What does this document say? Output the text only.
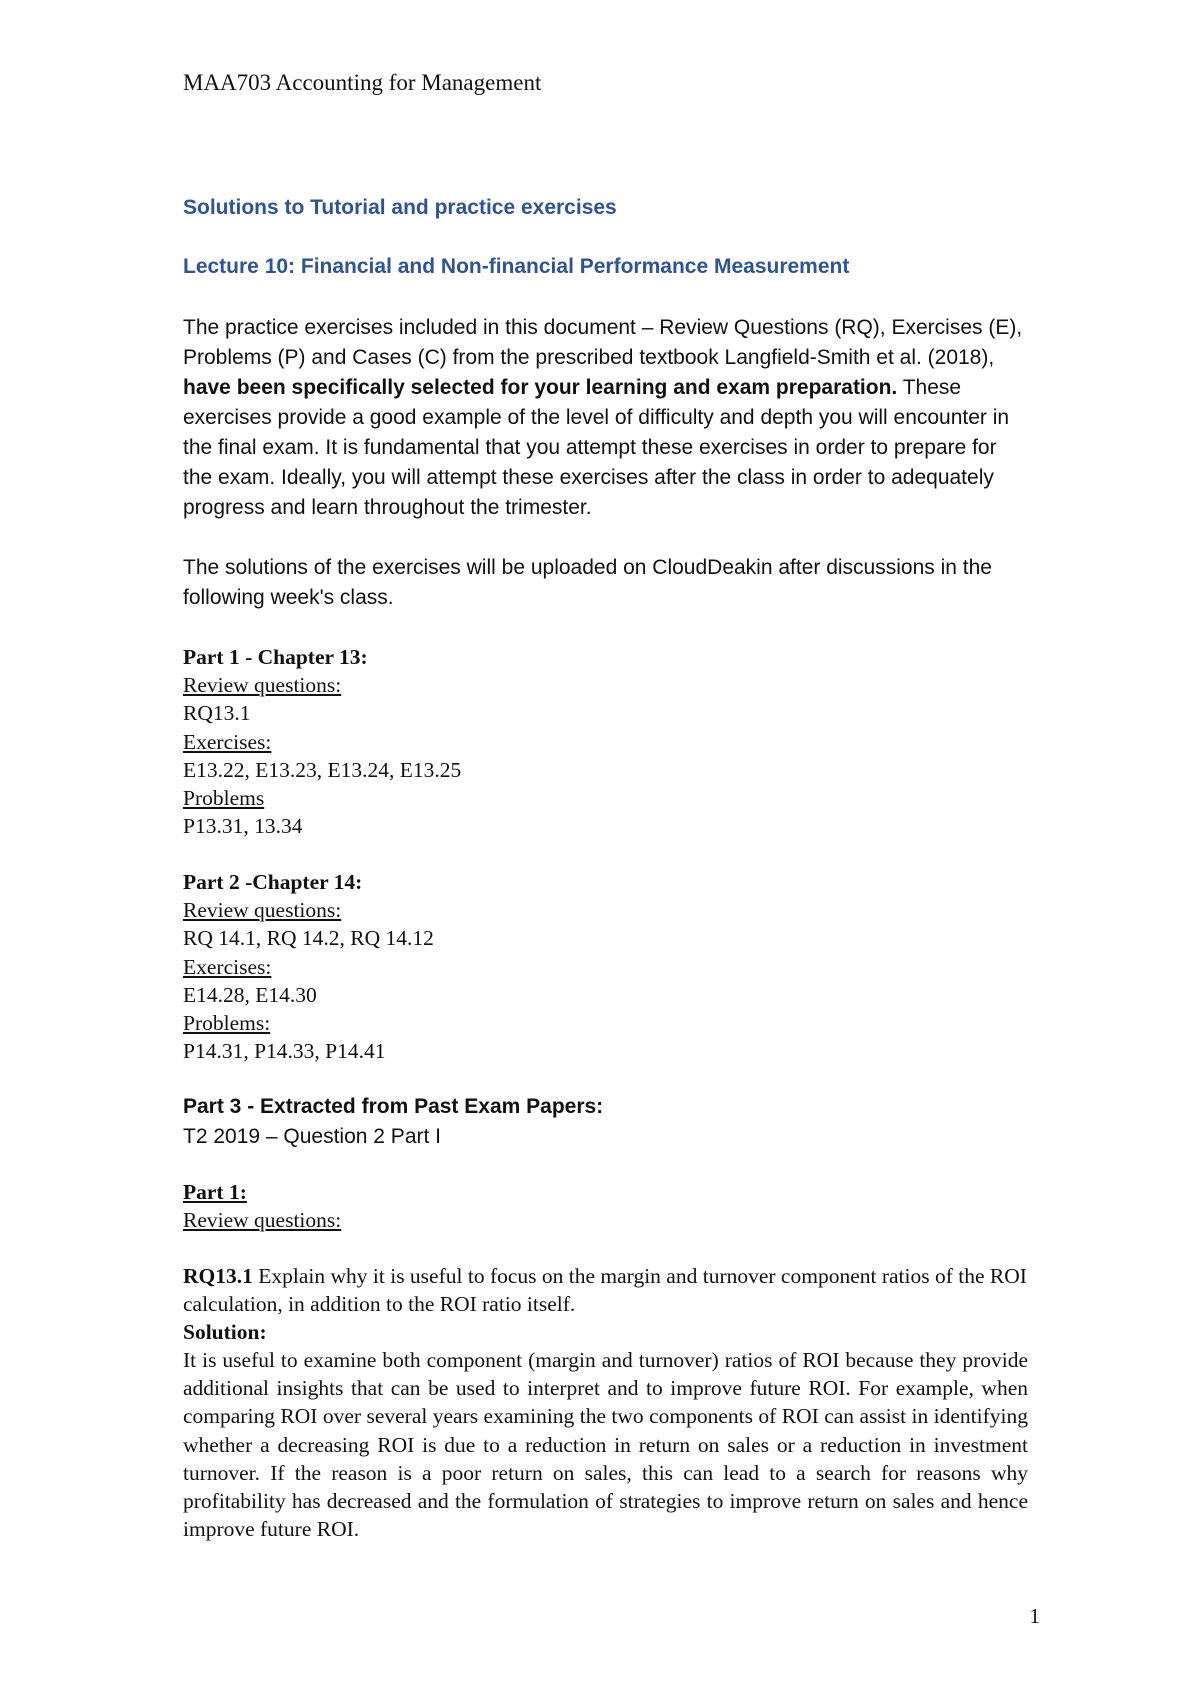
MAA703 Accounting for Management
Solutions to Tutorial and practice exercises
Lecture 10: Financial and Non-financial Performance Measurement
The practice exercises included in this document – Review Questions (RQ), Exercises (E), Problems (P) and Cases (C) from the prescribed textbook Langfield-Smith et al. (2018), have been specifically selected for your learning and exam preparation. These exercises provide a good example of the level of difficulty and depth you will encounter in the final exam. It is fundamental that you attempt these exercises in order to prepare for the exam. Ideally, you will attempt these exercises after the class in order to adequately progress and learn throughout the trimester.
The solutions of the exercises will be uploaded on CloudDeakin after discussions in the following week's class.
Part 1 - Chapter 13:
Review questions:
RQ13.1
Exercises:
E13.22, E13.23, E13.24, E13.25
Problems
P13.31, 13.34
Part 2 -Chapter 14:
Review questions:
RQ 14.1, RQ 14.2, RQ 14.12
Exercises:
E14.28, E14.30
Problems:
P14.31, P14.33, P14.41
Part 3 - Extracted from Past Exam Papers:
T2 2019 – Question 2 Part I
Part 1:
Review questions:
RQ13.1 Explain why it is useful to focus on the margin and turnover component ratios of the ROI calculation, in addition to the ROI ratio itself.
Solution:
It is useful to examine both component (margin and turnover) ratios of ROI because they provide additional insights that can be used to interpret and to improve future ROI. For example, when comparing ROI over several years examining the two components of ROI can assist in identifying whether a decreasing ROI is due to a reduction in return on sales or a reduction in investment turnover. If the reason is a poor return on sales, this can lead to a search for reasons why profitability has decreased and the formulation of strategies to improve return on sales and hence improve future ROI.
1
